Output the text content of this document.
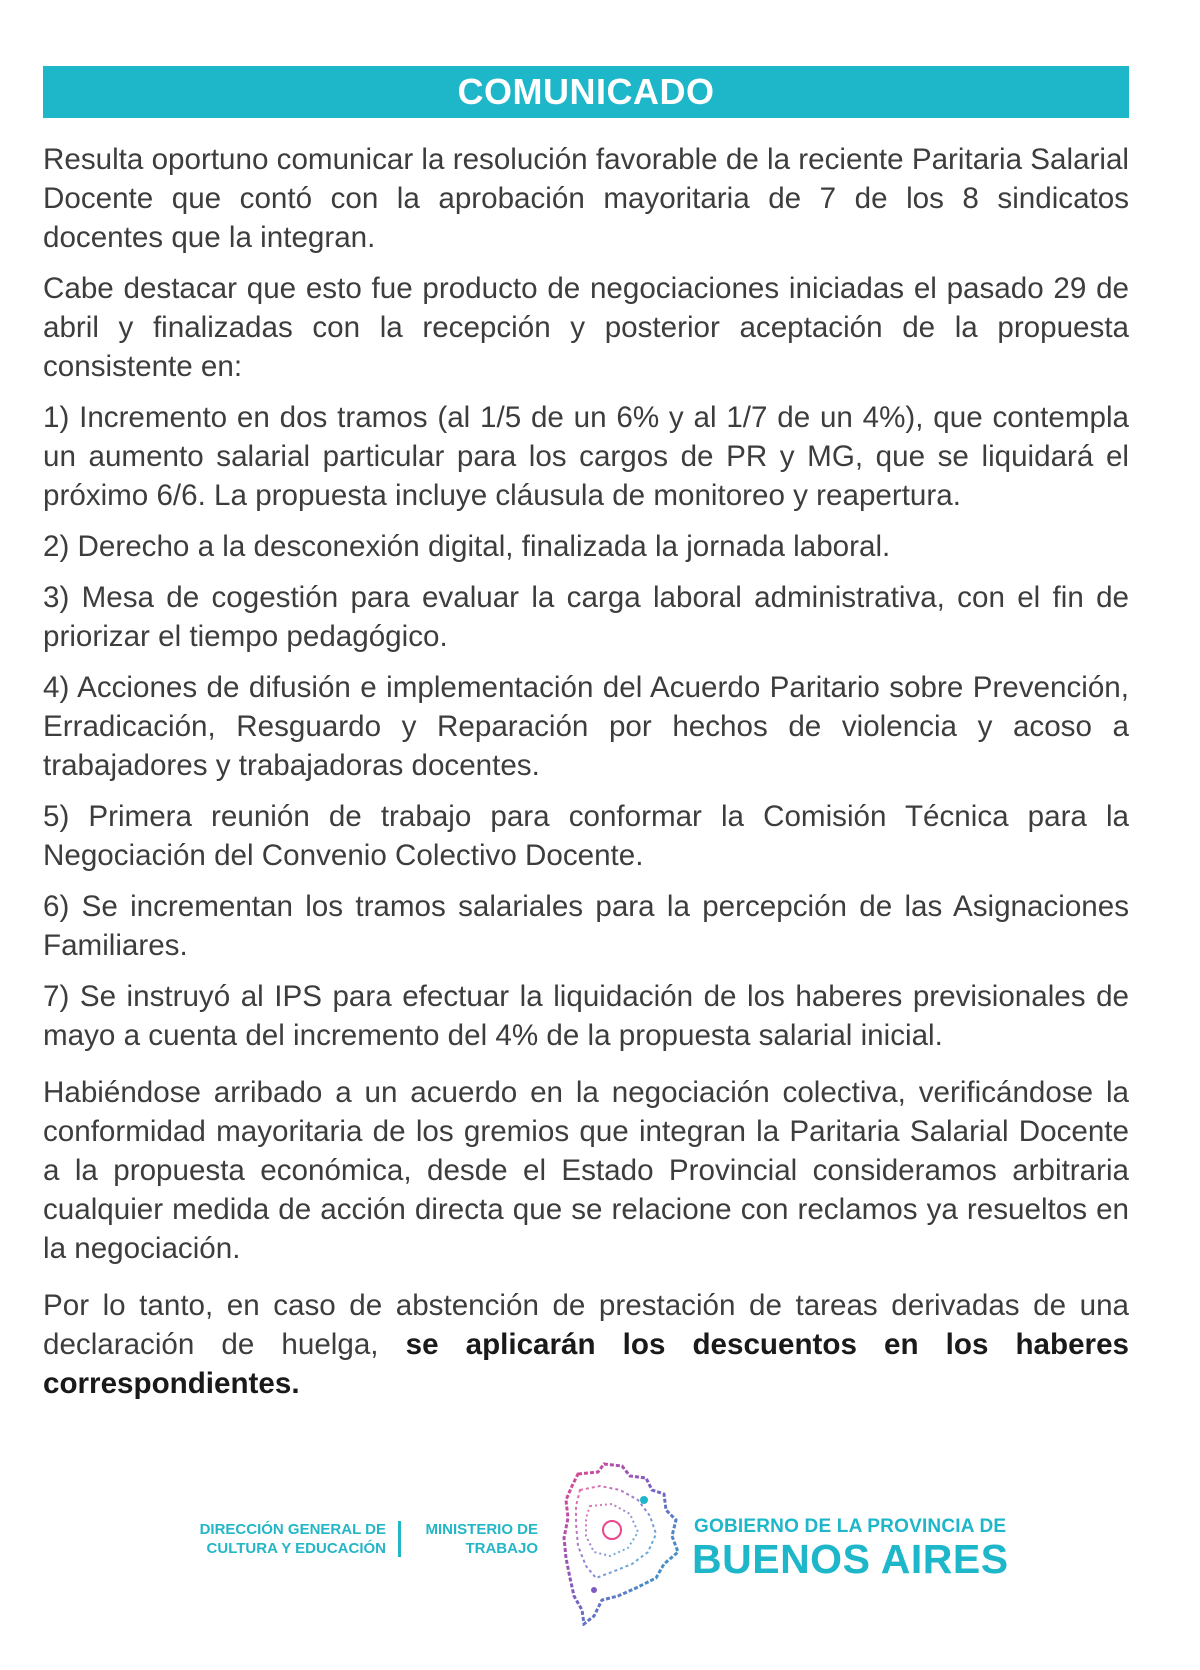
COMUNICADO

Resulta oportuno comunicar la resolución favorable de la reciente Paritaria Salarial Docente que contó con la aprobación mayoritaria de 7 de los 8 sindicatos docentes que la integran.

Cabe destacar que esto fue producto de negociaciones iniciadas el pasado 29 de abril y finalizadas con la recepción y posterior aceptación de la propuesta consistente en:

1) Incremento en dos tramos (al 1/5 de un 6% y al 1/7 de un 4%), que contempla un aumento salarial particular para los cargos de PR y MG, que se liquidará el próximo 6/6. La propuesta incluye cláusula de monitoreo y reapertura.

2) Derecho a la desconexión digital, finalizada la jornada laboral.

3) Mesa de cogestión para evaluar la carga laboral administrativa, con el fin de priorizar el tiempo pedagógico.

4) Acciones de difusión e implementación del Acuerdo Paritario sobre Prevención, Erradicación, Resguardo y Reparación por hechos de violencia y acoso a trabajadores y trabajadoras docentes.

5) Primera reunión de trabajo para conformar la Comisión Técnica para la Negociación del Convenio Colectivo Docente.

6) Se incrementan los tramos salariales para la percepción de las Asignaciones Familiares.

7) Se instruyó al IPS para efectuar la liquidación de los haberes previsionales de mayo a cuenta del incremento del 4% de la propuesta salarial inicial.

Habiéndose arribado a un acuerdo en la negociación colectiva, verificándose la conformidad mayoritaria de los gremios que integran la Paritaria Salarial Docente a la propuesta económica, desde el Estado Provincial consideramos arbitraria cualquier medida de acción directa que se relacione con reclamos ya resueltos en la negociación.

Por lo tanto, en caso de abstención de prestación de tareas derivadas de una declaración de huelga, se aplicarán los descuentos en los haberes correspondientes.

DIRECCIÓN GENERAL DE
CULTURA Y EDUCACIÓN
MINISTERIO DE
TRABAJO
GOBIERNO DE LA PROVINCIA DE
BUENOS AIRES
